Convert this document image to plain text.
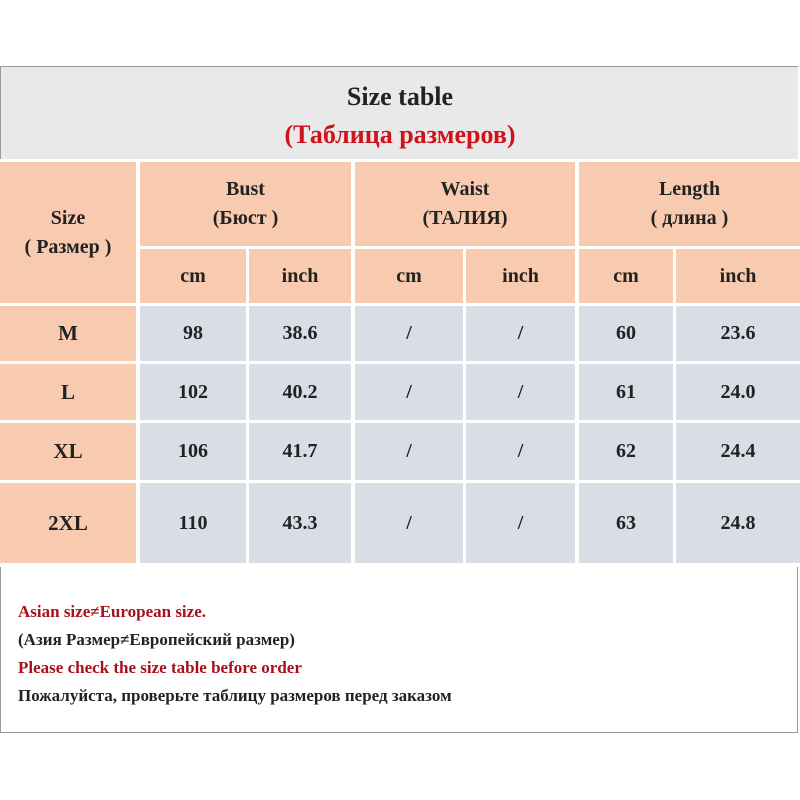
Size table
(Таблица размеров)
Size
( Размер )
Bust
(Бюст )
Waist
(ТАЛИЯ)
Length
( длина )
cm	inch	cm	inch	cm	inch
M	98	38.6	/	/	60	23.6
L	102	40.2	/	/	61	24.0
XL	106	41.7	/	/	62	24.4
2XL	110	43.3	/	/	63	24.8
Asian size≠European size.
(Азия Размер≠Европейский размер)
Please check the size table before order
Пожалуйста, проверьте таблицу размеров перед заказом
